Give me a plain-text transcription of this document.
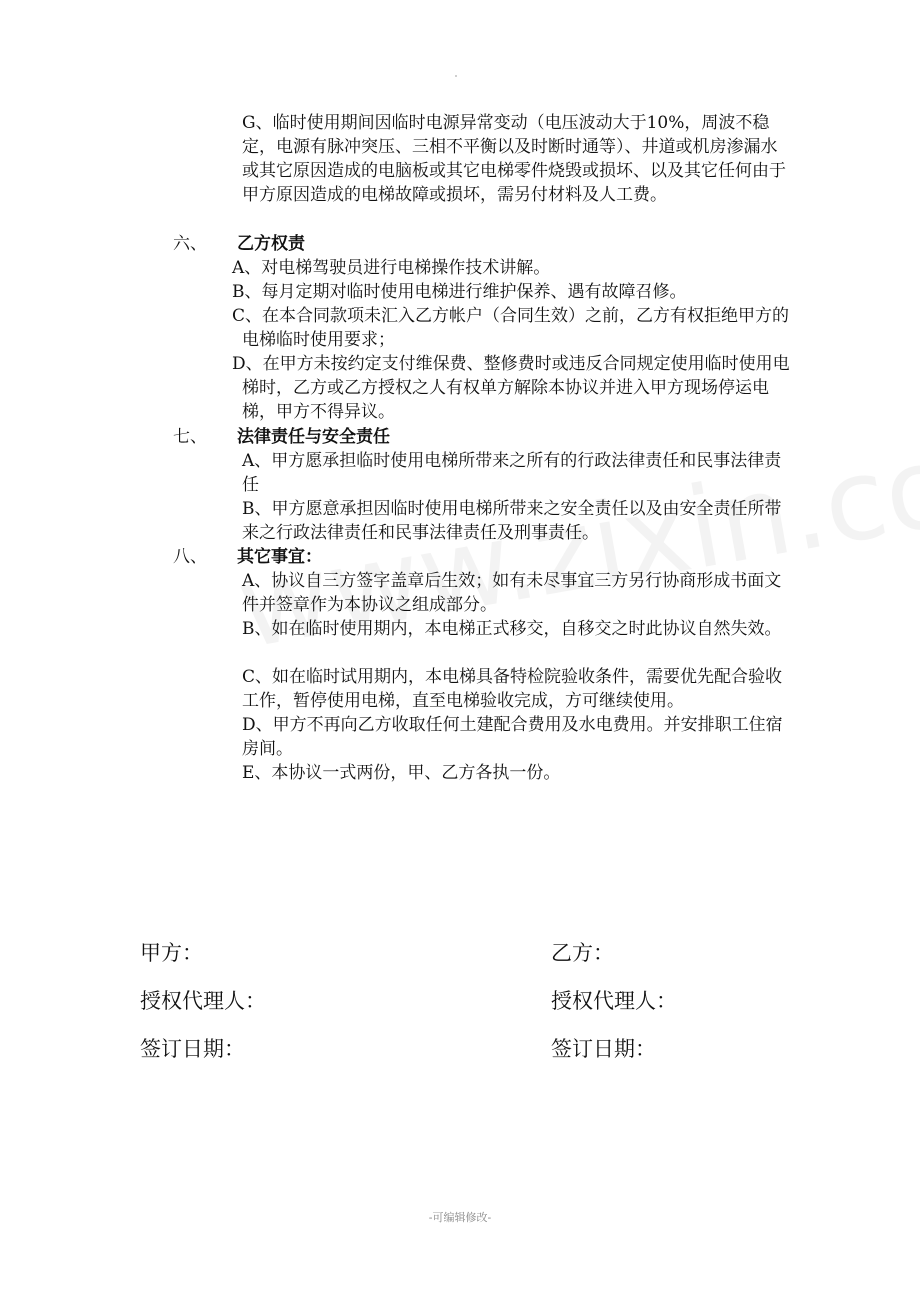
G、临时使用期间因临时电源异常变动（电压波动大于10%，周波不稳定，电源有脉冲突压、三相不平衡以及时断时通等）、井道或机房渗漏水或其它原因造成的电脑板或其它电梯零件烧毁或损坏、以及其它任何由于甲方原因造成的电梯故障或损坏，需另付材料及人工费。
六、 乙方权责
A、对电梯驾驶员进行电梯操作技术讲解。
B、每月定期对临时使用电梯进行维护保养、遇有故障召修。
C、在本合同款项未汇入乙方帐户（合同生效）之前，乙方有权拒绝甲方的电梯临时使用要求；
D、在甲方未按约定支付维保费、整修费时或违反合同规定使用临时使用电梯时，乙方或乙方授权之人有权单方解除本协议并进入甲方现场停运电梯，甲方不得异议。
七、 法律责任与安全责任
A、甲方愿承担临时使用电梯所带来之所有的行政法律责任和民事法律责任
B、甲方愿意承担因临时使用电梯所带来之安全责任以及由安全责任所带来之行政法律责任和民事法律责任及刑事责任。
八、 其它事宜：
A、协议自三方签字盖章后生效；如有未尽事宜三方另行协商形成书面文件并签章作为本协议之组成部分。
B、如在临时使用期内，本电梯正式移交，自移交之时此协议自然失效。
C、如在临时试用期内，本电梯具备特检院验收条件，需要优先配合验收工作，暂停使用电梯，直至电梯验收完成，方可继续使用。
D、甲方不再向乙方收取任何土建配合费用及水电费用。并安排职工住宿房间。
E、本协议一式两份，甲、乙方各执一份。
甲方：	乙方：
授权代理人：	授权代理人：
签订日期：	签订日期：
-可编辑修改-
